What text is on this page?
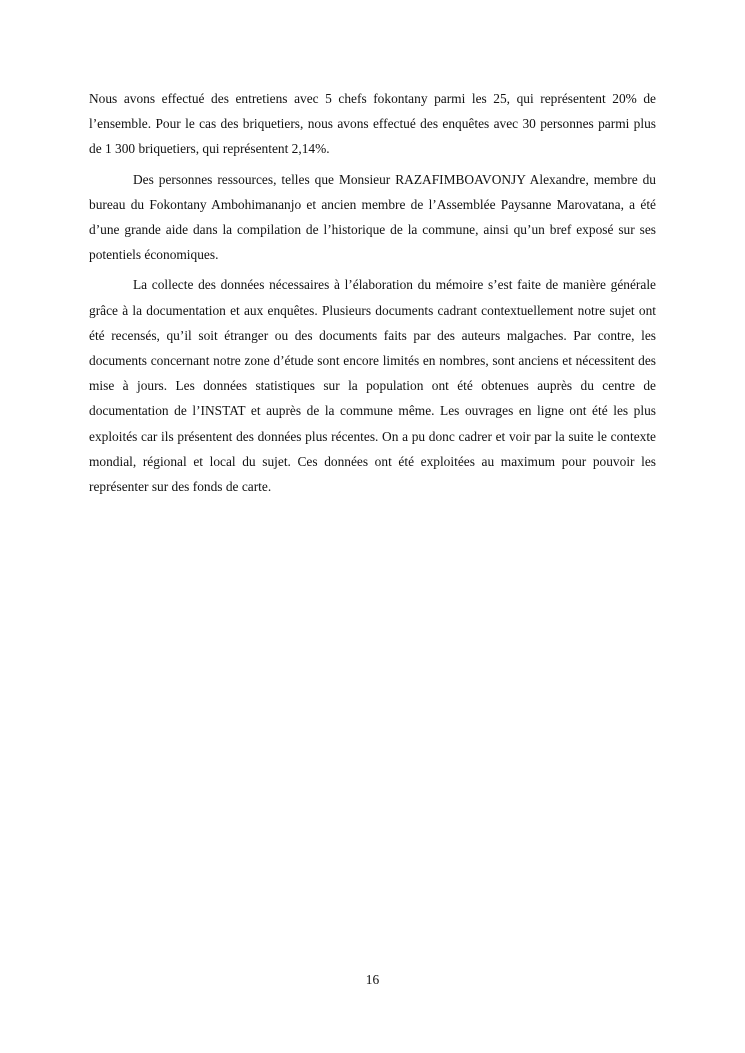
Nous avons effectué des entretiens avec 5 chefs fokontany parmi les 25, qui représentent 20% de l’ensemble. Pour le cas des briquetiers, nous avons effectué des enquêtes avec 30 personnes parmi plus de 1 300 briquetiers, qui représentent 2,14%.

Des personnes ressources, telles que Monsieur RAZAFIMBOAVONJY Alexandre, membre du bureau du Fokontany Ambohimananjo et ancien membre de l’Assemblée Paysanne Marovatana, a été d’une grande aide dans la compilation de l’historique de la commune, ainsi qu’un bref exposé sur ses potentiels économiques.

La collecte des données nécessaires à l’élaboration du mémoire s’est faite de manière générale grâce à la documentation et aux enquêtes. Plusieurs documents cadrant contextuellement notre sujet ont été recensés, qu’il soit étranger ou des documents faits par des auteurs malgaches. Par contre, les documents concernant notre zone d’étude sont encore limités en nombres, sont anciens et nécessitent des mise à jours. Les données statistiques sur la population ont été obtenues auprès du centre de documentation de l’INSTAT et auprès de la commune même. Les ouvrages en ligne ont été les plus exploités car ils présentent des données plus récentes. On a pu donc cadrer et voir par la suite le contexte mondial, régional et local du sujet. Ces données ont été exploitées au maximum pour pouvoir les représenter sur des fonds de carte.

16
